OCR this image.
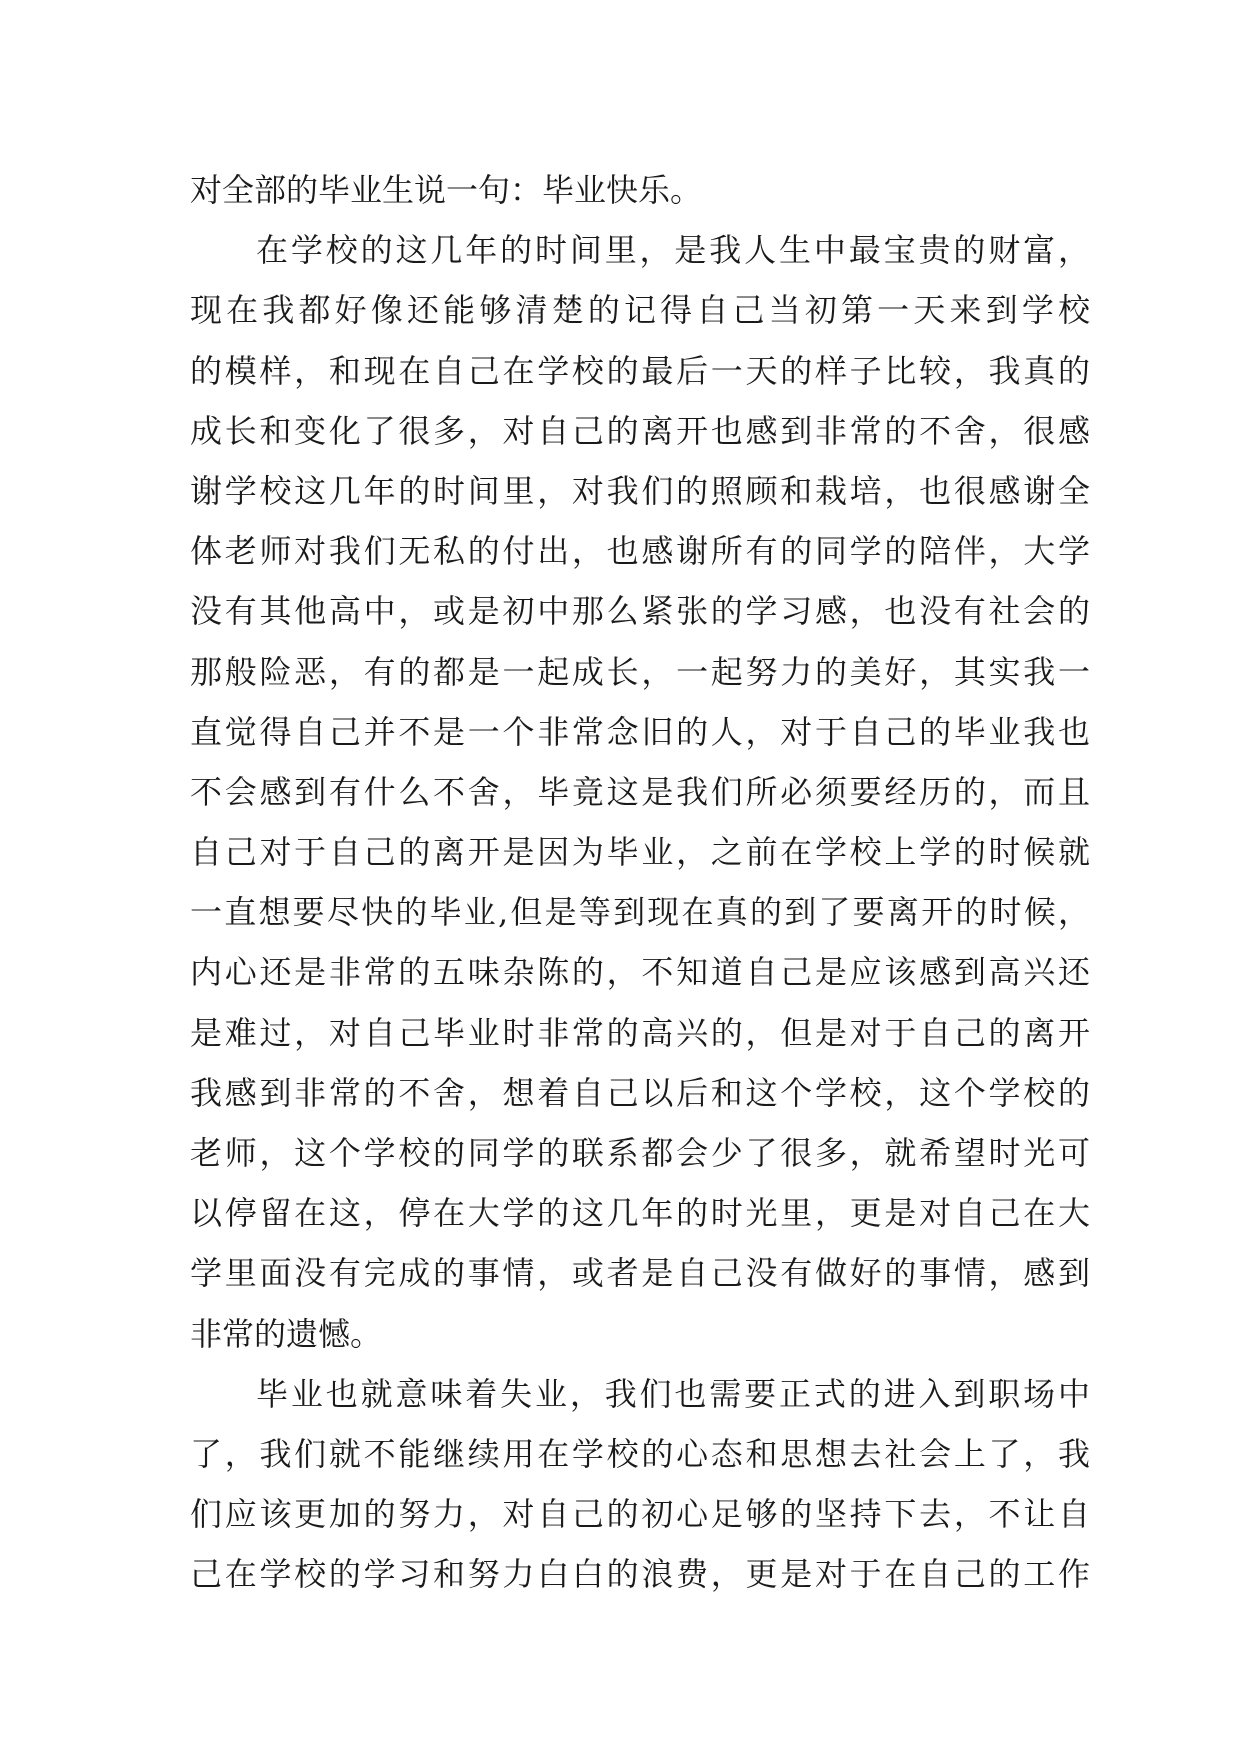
对全部的毕业生说一句：毕业快乐。
在学校的这几年的时间里，是我人生中最宝贵的财富，
现在我都好像还能够清楚的记得自己当初第一天来到学校
的模样，和现在自己在学校的最后一天的样子比较，我真的
成长和变化了很多，对自己的离开也感到非常的不舍，很感
谢学校这几年的时间里，对我们的照顾和栽培，也很感谢全
体老师对我们无私的付出，也感谢所有的同学的陪伴，大学
没有其他高中，或是初中那么紧张的学习感，也没有社会的
那般险恶，有的都是一起成长，一起努力的美好，其实我一
直觉得自己并不是一个非常念旧的人，对于自己的毕业我也
不会感到有什么不舍，毕竟这是我们所必须要经历的，而且
自己对于自己的离开是因为毕业，之前在学校上学的时候就
一直想要尽快的毕业,但是等到现在真的到了要离开的时候，
内心还是非常的五味杂陈的，不知道自己是应该感到高兴还
是难过，对自己毕业时非常的高兴的，但是对于自己的离开
我感到非常的不舍，想着自己以后和这个学校，这个学校的
老师，这个学校的同学的联系都会少了很多，就希望时光可
以停留在这，停在大学的这几年的时光里，更是对自己在大
学里面没有完成的事情，或者是自己没有做好的事情，感到
非常的遗憾。
毕业也就意味着失业，我们也需要正式的进入到职场中
了，我们就不能继续用在学校的心态和思想去社会上了，我
们应该更加的努力，对自己的初心足够的坚持下去，不让自
己在学校的学习和努力白白的浪费，更是对于在自己的工作
